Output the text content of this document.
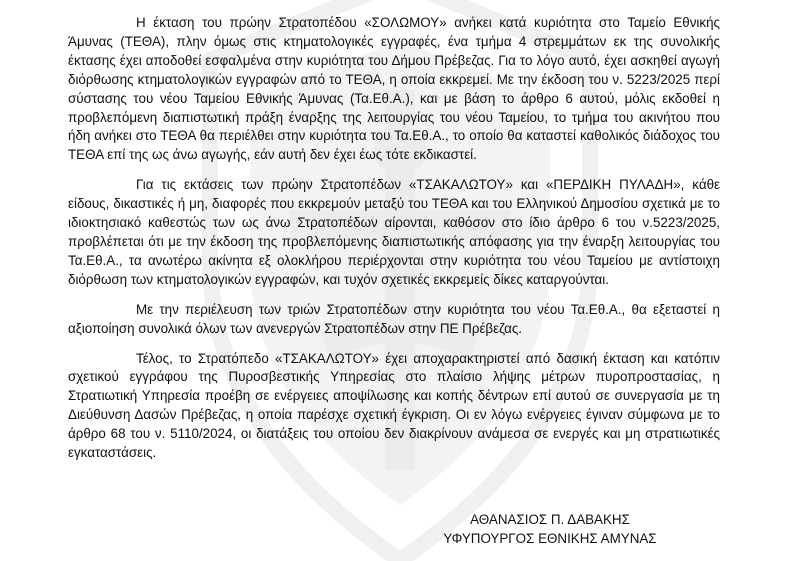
Η έκταση του πρώην Στρατοπέδου «ΣΟΛΩΜΟΥ» ανήκει κατά κυριότητα στο Ταμείο Εθνικής Άμυνας (ΤΕΘΑ), πλην όμως στις κτηματολογικές εγγραφές, ένα τμήμα 4 στρεμμάτων εκ της συνολικής έκτασης έχει αποδοθεί εσφαλμένα στην κυριότητα του Δήμου Πρέβεζας. Για το λόγο αυτό, έχει ασκηθεί αγωγή διόρθωσης κτηματολογικών εγγραφών από το ΤΕΘΑ, η οποία εκκρεμεί. Με την έκδοση του ν. 5223/2025 περί σύστασης του νέου Ταμείου Εθνικής Άμυνας (Τα.Εθ.Α.), και με βάση το άρθρο 6 αυτού, μόλις εκδοθεί η προβλεπόμενη διαπιστωτική πράξη έναρξης της λειτουργίας του νέου Ταμείου, το τμήμα του ακινήτου που ήδη ανήκει στο ΤΕΘΑ θα περιέλθει στην κυριότητα του Τα.Εθ.Α., το οποίο θα καταστεί καθολικός διάδοχος του ΤΕΘΑ επί της ως άνω αγωγής, εάν αυτή δεν έχει έως τότε εκδικαστεί.

Για τις εκτάσεις των πρώην Στρατοπέδων «ΤΣΑΚΑΛΩΤΟΥ» και «ΠΕΡΔΙΚΗ ΠΥΛΑΔΗ», κάθε είδους, δικαστικές ή μη, διαφορές που εκκρεμούν μεταξύ του ΤΕΘΑ και του Ελληνικού Δημοσίου σχετικά με το ιδιοκτησιακό καθεστώς των ως άνω Στρατοπέδων αίρονται, καθόσον στο ίδιο άρθρο 6 του ν.5223/2025, προβλέπεται ότι με την έκδοση της προβλεπόμενης διαπιστωτικής απόφασης για την έναρξη λειτουργίας του Τα.Εθ.Α., τα ανωτέρω ακίνητα εξ ολοκλήρου περιέρχονται στην κυριότητα του νέου Ταμείου με αντίστοιχη διόρθωση των κτηματολογικών εγγραφών, και τυχόν σχετικές εκκρεμείς δίκες καταργούνται.

Με την περιέλευση των τριών Στρατοπέδων στην κυριότητα του νέου Τα.Εθ.Α., θα εξεταστεί η αξιοποίηση συνολικά όλων των ανενεργών Στρατοπέδων στην ΠΕ Πρέβεζας.

Τέλος, το Στρατόπεδο «ΤΣΑΚΑΛΩΤΟΥ» έχει αποχαρακτηριστεί από δασική έκταση και κατόπιν σχετικού εγγράφου της Πυροσβεστικής Υπηρεσίας στο πλαίσιο λήψης μέτρων πυροπροστασίας, η Στρατιωτική Υπηρεσία προέβη σε ενέργειες αποψίλωσης και κοπής δέντρων επί αυτού σε συνεργασία με τη Διεύθυνση Δασών Πρέβεζας, η οποία παρέσχε σχετική έγκριση. Οι εν λόγω ενέργειες έγιναν σύμφωνα με το άρθρο 68 του ν. 5110/2024, οι διατάξεις του οποίου δεν διακρίνουν ανάμεσα σε ενεργές και μη στρατιωτικές εγκαταστάσεις.

ΑΘΑΝΑΣΙΟΣ Π. ΔΑΒΑΚΗΣ
ΥΦΥΠΟΥΡΓΟΣ ΕΘΝΙΚΗΣ ΑΜΥΝΑΣ
